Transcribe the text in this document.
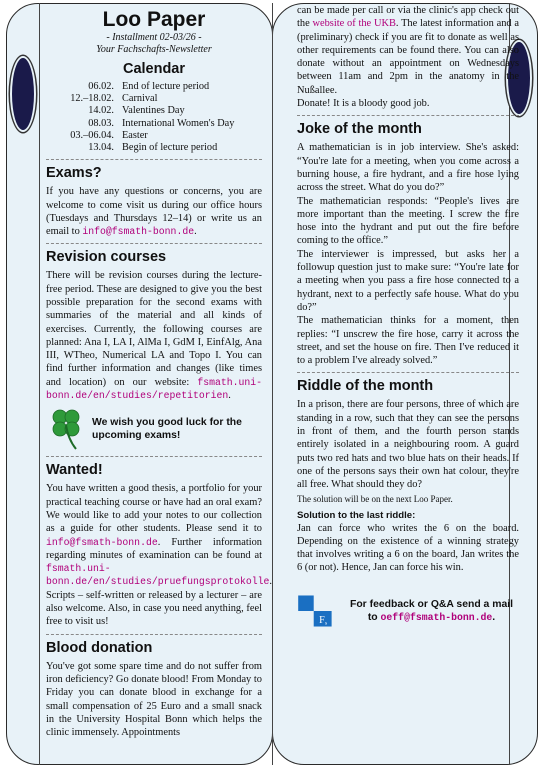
Loo Paper
- Installment 02-03/26 -
Your Fachschafts-Newsletter
Calendar
06.02.	End of lecture period
12.–18.02.	Carnival
14.02.	Valentines Day
08.03.	International Women's Day
03.–06.04.	Easter
13.04.	Begin of lecture period
Exams?

If you have any questions or concerns, you are welcome to come visit us during our office hours (Tuesdays and Thursdays 12–14) or write us an email to info@fsmath-bonn.de.

Revision courses

There will be revision courses during the lecture-free period. These are designed to give you the best possible preparation for the second exams with summaries of the material and all kinds of exercises. Currently, the following courses are planned: Ana I, LA I, AlMa I, GdM I, EinfAlg, Ana III, WTheo, Numerical LA and Topo I. You can find further information and changes (like times and location) on our website: fsmath.uni-bonn.de/en/studies/repetitorien.

We wish you good luck for the upcoming exams!
Wanted!

You have written a good thesis, a portfolio for your practical teaching course or have had an oral exam? We would like to add your notes to our collection as a guide for other students. Please send it to info@fsmath-bonn.de. Further information regarding minutes of examination can be found at fsmath.uni-bonn.de/en/studies/pruefungsprotokolle. Scripts – self-written or released by a lecturer – are also welcome. Also, in case you need anything, feel free to visit us!

Blood donation

You've got some spare time and do not suffer from iron deficiency? Go donate blood! From Monday to Friday you can donate blood in exchange for a small compensation of 25 Euro and a small snack in the University Hospital Bonn which helps the clinic immensely. Appointments

can be made per call or via the clinic's app check out the website of the UKB. The latest information and a (preliminary) check if you are fit to donate as well as other requirements can be found there. You can also donate without an appointment on Wednesdays between 11am and 2pm in the anatomy in the Nußallee.

Donate! It is a bloody good job.

Joke of the month

A mathematician is in job interview. She's asked: “You're late for a meeting, when you come across a burning house, a fire hydrant, and a fire hose lying across the street. What do you do?”

The mathematician responds: “People's lives are more important than the meeting. I screw the fire hose into the hydrant and put out the fire before coming to the office.”

The interviewer is impressed, but asks her a followup question just to make sure: “You're late for a meeting when you pass a fire hose connected to a hydrant, next to a perfectly safe house. What do you do?”

The mathematician thinks for a moment, then replies: “I unscrew the fire hose, carry it across the street, and set the house on fire. Then I've reduced it to a problem I've already solved.”

Riddle of the month

In a prison, there are four persons, three of which are standing in a row, such that they can see the persons in front of them, and the fourth person stands entirely isolated in a neighbouring room. A guard puts two red hats and two blue hats on their heads. If one of the persons says their own hat colour, they're all free. What should they do?

The solution will be on the next Loo Paper.

Solution to the last riddle:

Jan can force who writes the 6 on the board. Depending on the existence of a winning strategy that involves writing a 6 on the board, Jan writes the 6 (or not). Hence, Jan can force his win.

F s
For feedback or Q&A send a mail to oeff@fsmath-bonn.de.
